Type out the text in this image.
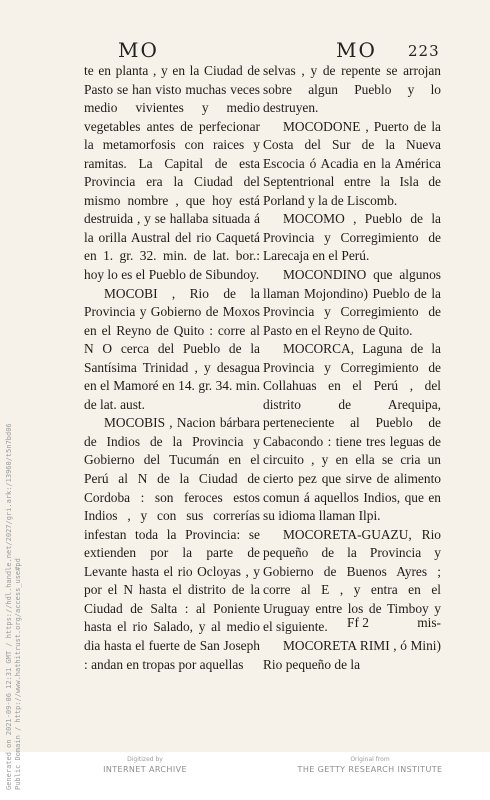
Generated on 2021-09-06 12:31 GMT / https://hdl.handle.net/2027/gri.ark:/13960/t5n7bd06 Public Domain / http://www.hathitrust.org/access_use#pd
MO	MO 223

te en planta , y en la Ciudad de Pasto se han visto muchas veces medio vivientes y medio vegetables antes de perfecionar la metamorfosis con raices y ramitas. La Capital de esta Provincia era la Ciudad del mismo nombre , que hoy está destruida , y se hallaba situada á la orilla Austral del rio Caquetá en 1. gr. 32. min. de lat. bor.: hoy lo es el Pueblo de Sibundoy.

MOCOBI , Rio de la Provincia y Gobierno de Moxos en el Reyno de Quito : corre al N O cerca del Pueblo de la Santísima Trinidad , y desagua en el Mamoré en 14. gr. 34. min. de lat. aust.

MOCOBIS , Nacion bárbara de Indios de la Provincia y Gobierno del Tucumán en el Perú al N de la Ciudad de Cordoba : son feroces estos Indios , y con sus correrías infestan toda la Provincia: se extienden por la parte de Levante hasta el rio Ocloyas , y por el N hasta el distrito de la Ciudad de Salta : al Poniente hasta el rio Salado, y al medio dia hasta el fuerte de San Joseph : andan en tropas por aquellas

selvas , y de repente se arrojan sobre algun Pueblo y lo destruyen.

MOCODONE , Puerto de la Costa del Sur de la Nueva Escocia ó Acadia en la América Septentrional entre la Isla de Porland y la de Liscomb.

MOCOMO , Pueblo de la Provincia y Corregimiento de Larecaja en el Perú.

MOCONDINO que algunos llaman Mojondino) Pueblo de la Provincia y Corregimiento de Pasto en el Reyno de Quito.

MOCORCA, Laguna de la Provincia y Corregimiento de Collahuas en el Perú , del distrito de Arequipa, perteneciente al Pueblo de Cabacondo : tiene tres leguas de circuito , y en ella se cria un cierto pez que sirve de alimento comun á aquellos Indios, que en su idioma llaman Ilpi.

MOCORETA-GUAZU, Rio pequeño de la Provincia y Gobierno de Buenos Ayres ; corre al E , y entra en el Uruguay entre los de Timboy y el siguiente.

MOCORETA RIMI , ó Mini) Rio pequeño de la

Ff 2	mis-
Digitized by
INTERNET ARCHIVE
Original from
THE GETTY RESEARCH INSTITUTE
